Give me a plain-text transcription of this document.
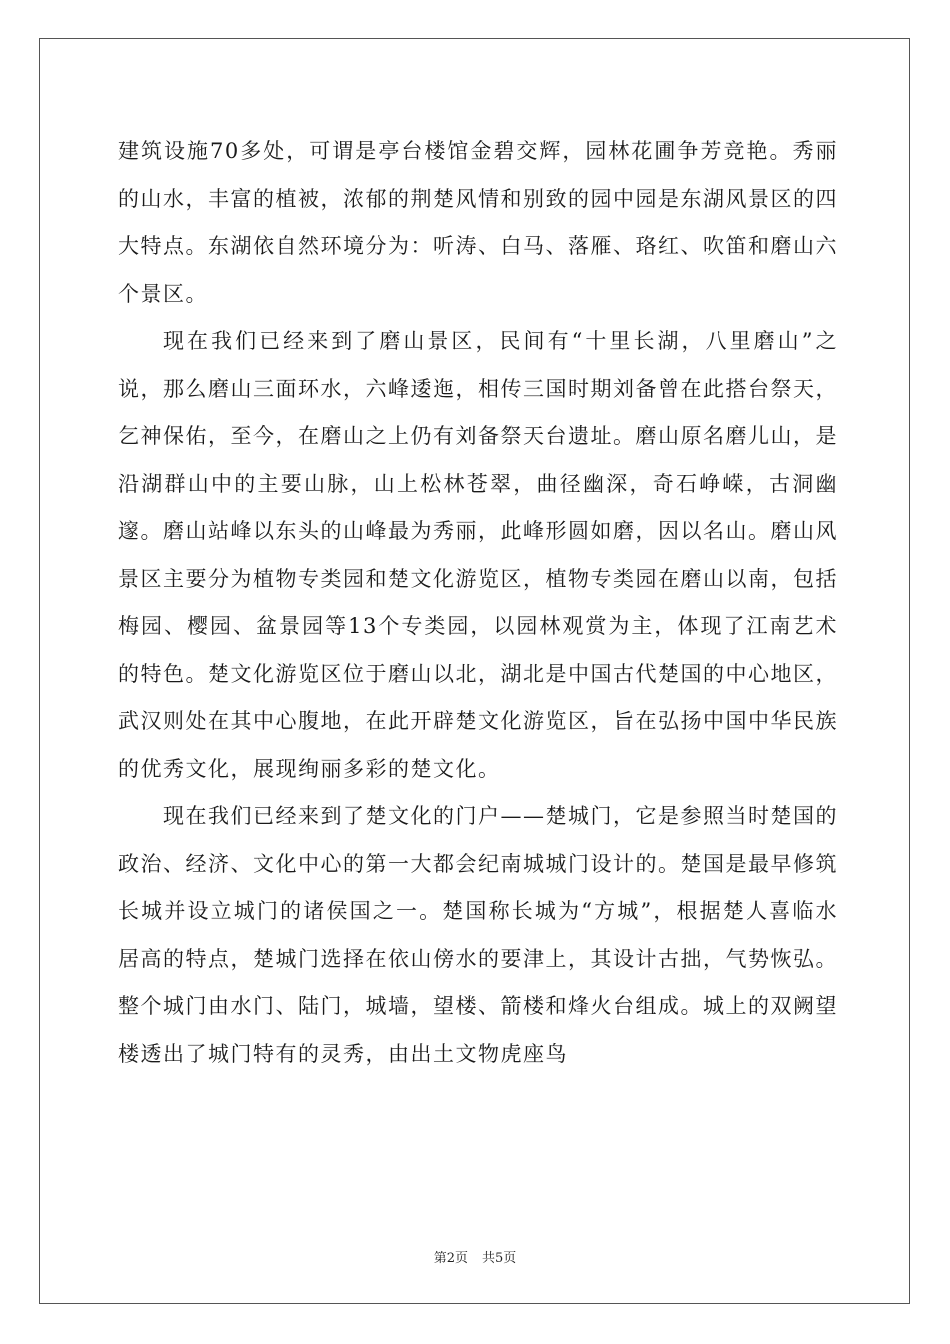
建筑设施70多处，可谓是亭台楼馆金碧交辉，园林花圃争芳竞艳。秀丽的山水，丰富的植被，浓郁的荆楚风情和别致的园中园是东湖风景区的四大特点。东湖依自然环境分为：听涛、白马、落雁、珞红、吹笛和磨山六个景区。

现在我们已经来到了磨山景区，民间有“十里长湖，八里磨山”之说，那么磨山三面环水，六峰逶迤，相传三国时期刘备曾在此搭台祭天，乞神保佑，至今，在磨山之上仍有刘备祭天台遗址。磨山原名磨儿山，是沿湖群山中的主要山脉，山上松林苍翠，曲径幽深，奇石峥嵘，古洞幽邃。磨山站峰以东头的山峰最为秀丽，此峰形圆如磨，因以名山。磨山风景区主要分为植物专类园和楚文化游览区，植物专类园在磨山以南，包括梅园、樱园、盆景园等13个专类园，以园林观赏为主，体现了江南艺术的特色。楚文化游览区位于磨山以北，湖北是中国古代楚国的中心地区，武汉则处在其中心腹地，在此开辟楚文化游览区，旨在弘扬中国中华民族的优秀文化，展现绚丽多彩的楚文化。

现在我们已经来到了楚文化的门户——楚城门，它是参照当时楚国的政治、经济、文化中心的第一大都会纪南城城门设计的。楚国是最早修筑长城并设立城门的诸侯国之一。楚国称长城为“方城”，根据楚人喜临水居高的特点，楚城门选择在依山傍水的要津上，其设计古拙，气势恢弘。整个城门由水门、陆门，城墙，望楼、箭楼和烽火台组成。城上的双阙望楼透出了城门特有的灵秀，由出土文物虎座鸟

第2页 共5页
